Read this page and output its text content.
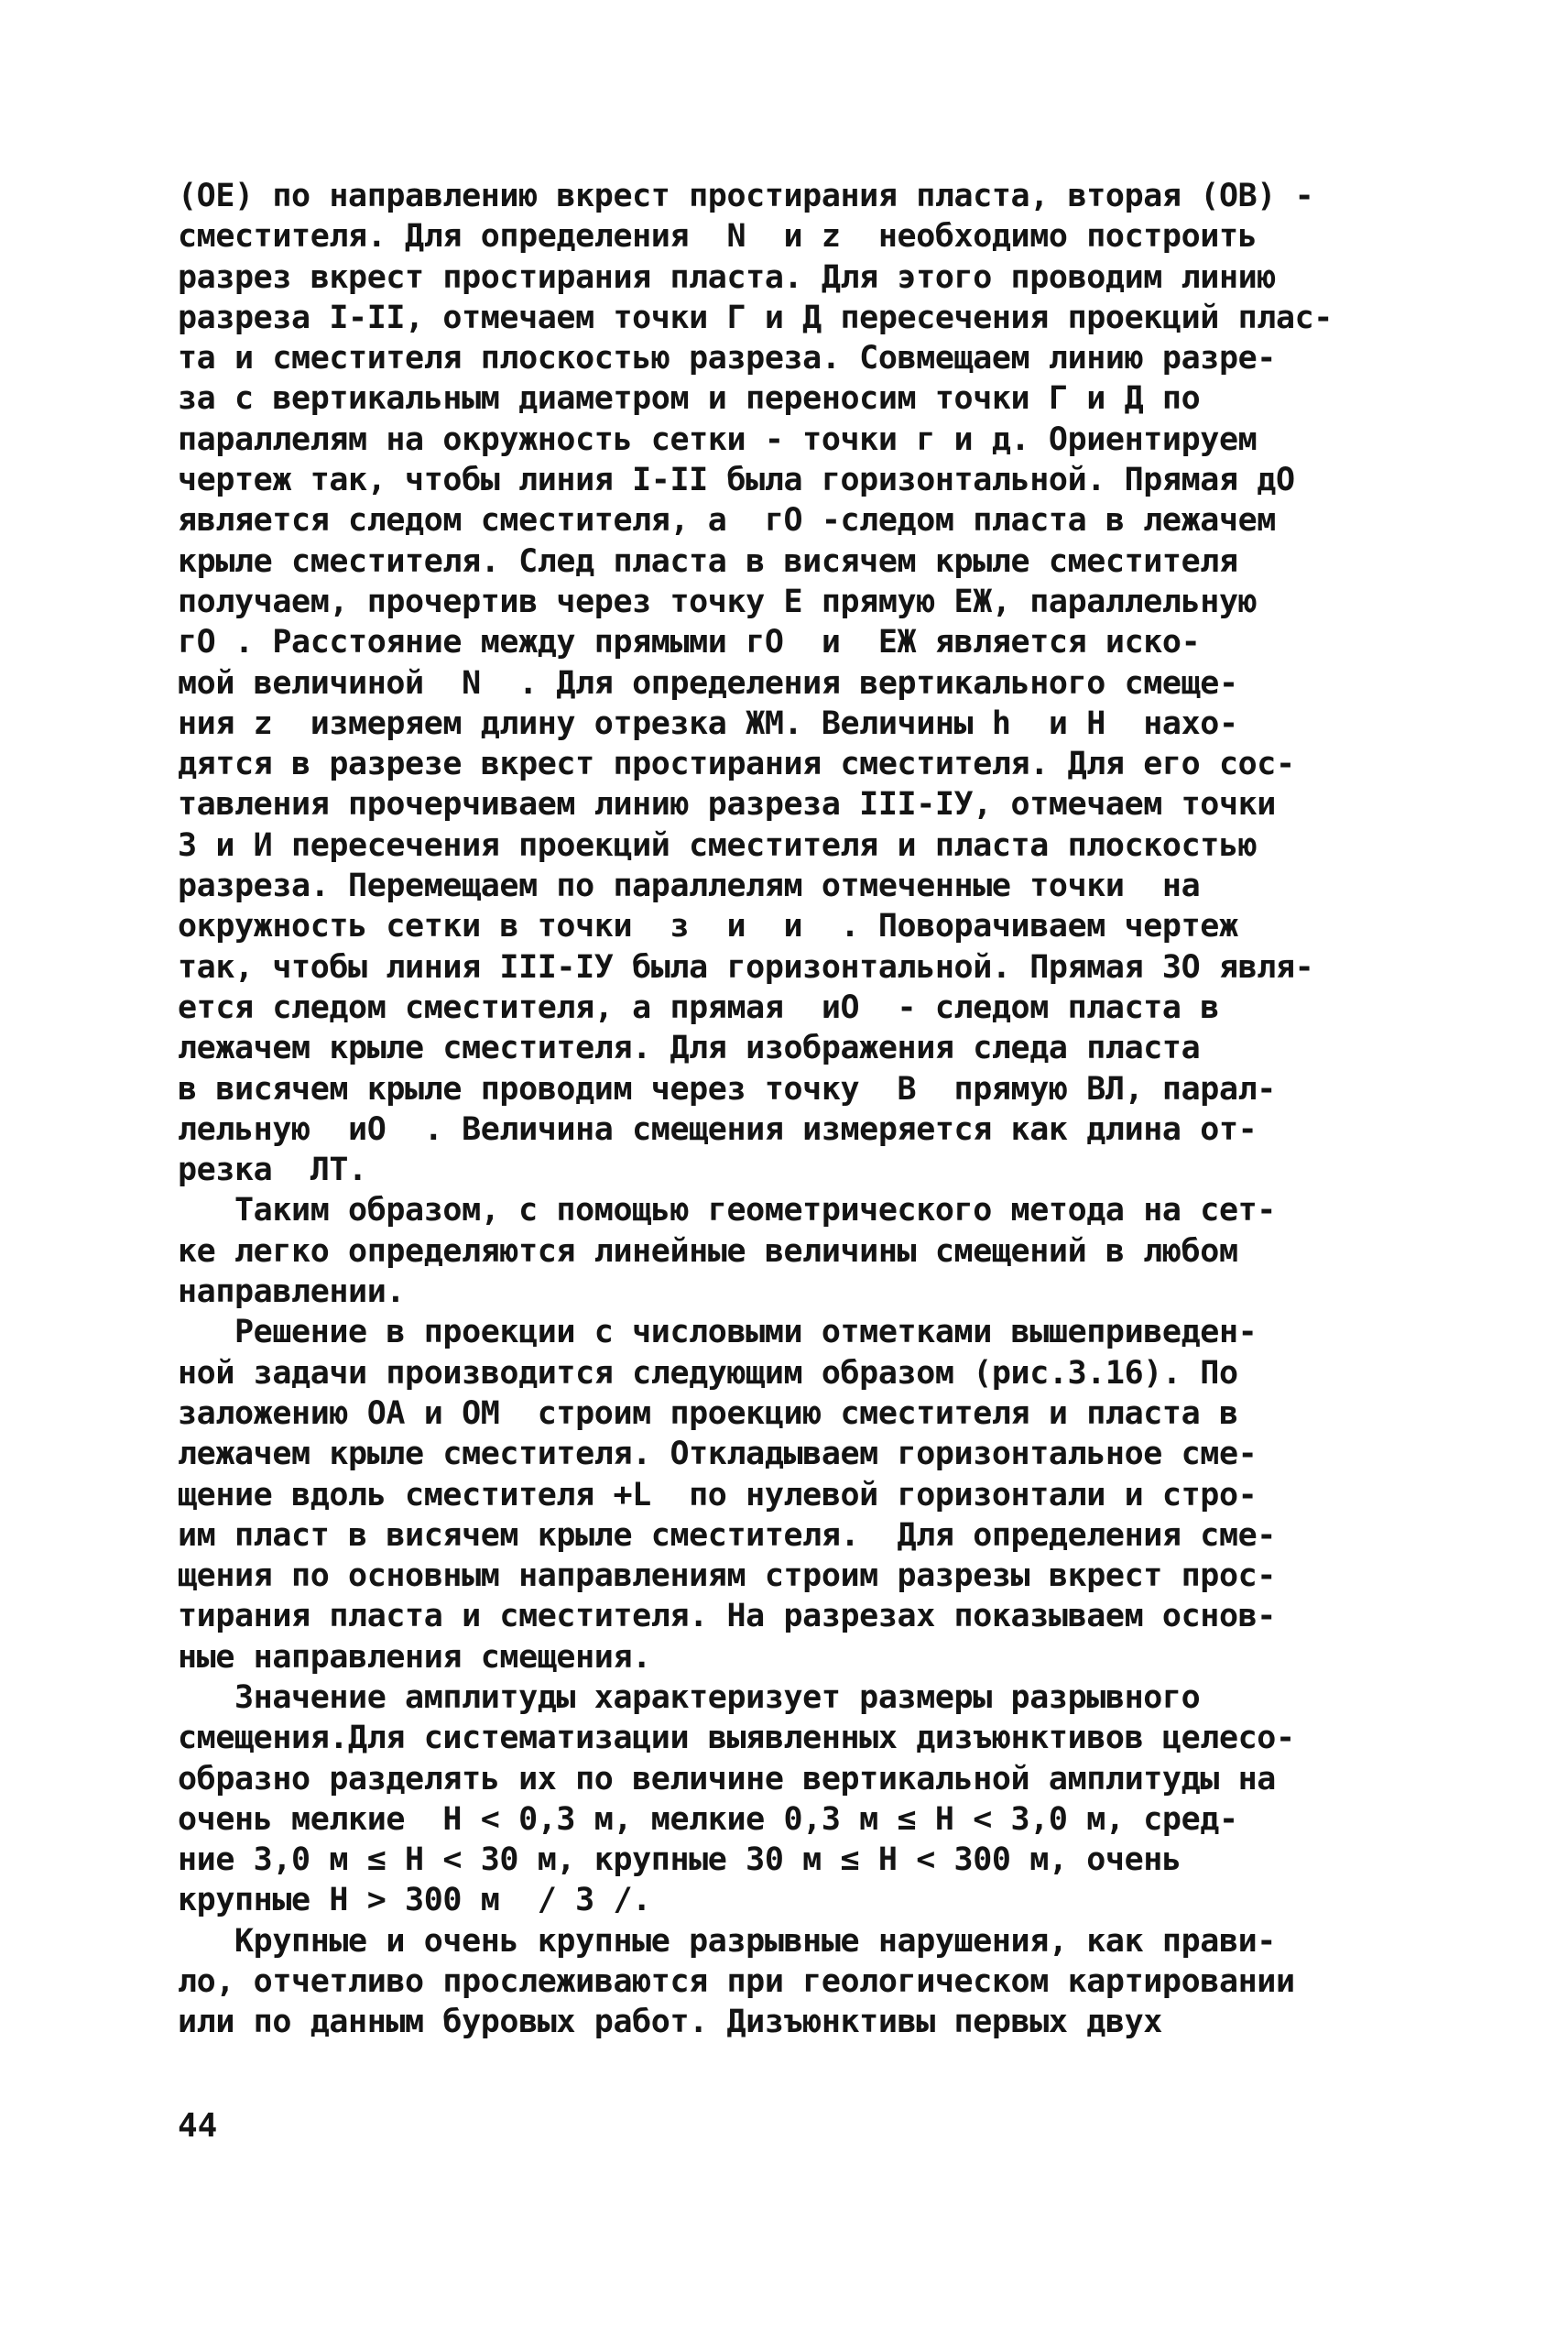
(ОЕ) по направлению вкрест простирания пласта, вторая (ОВ) -
сместителя. Для определения  N  и z  необходимо построить
разрез вкрест простирания пласта. Для этого проводим линию
разреза I-II, отмечаем точки Г и Д пересечения проекций плас-
та и сместителя плоскостью разреза. Совмещаем линию разре-
за с вертикальным диаметром и переносим точки Г и Д по
параллелям на окружность сетки - точки г и д. Ориентируем
чертеж так, чтобы линия I-II была горизонтальной. Прямая дО
является следом сместителя, а  гО -следом пласта в лежачем
крыле сместителя. След пласта в висячем крыле сместителя
получаем, прочертив через точку Е прямую ЕЖ, параллельную
гО . Расстояние между прямыми гО  и  ЕЖ является иско-
мой величиной  N  . Для определения вертикального смеще-
ния z  измеряем длину отрезка ЖМ. Величины h  и H  нахо-
дятся в разрезе вкрест простирания сместителя. Для его сос-
тавления прочерчиваем линию разреза III-IУ, отмечаем точки
З и И пересечения проекций сместителя и пласта плоскостью
разреза. Перемещаем по параллелям отмеченные точки  на
окружность сетки в точки  з  и  и  . Поворачиваем чертеж
так, чтобы линия III-IУ была горизонтальной. Прямая ЗО явля-
ется следом сместителя, а прямая  иО  - следом пласта в
лежачем крыле сместителя. Для изображения следа пласта
в висячем крыле проводим через точку  В  прямую ВЛ, парал-
лельную  иО  . Величина смещения измеряется как длина от-
резка  ЛТ.
Таким образом, с помощью геометрического метода на сет-
ке легко определяются линейные величины смещений в любом
направлении.
Решение в проекции с числовыми отметками вышеприведен-
ной задачи производится следующим образом (рис.3.16). По
заложению ОА и ОМ  строим проекцию сместителя и пласта в
лежачем крыле сместителя. Откладываем горизонтальное сме-
щение вдоль сместителя +L  по нулевой горизонтали и стро-
им пласт в висячем крыле сместителя.  Для определения сме-
щения по основным направлениям строим разрезы вкрест прос-
тирания пласта и сместителя. На разрезах показываем основ-
ные направления смещения.
Значение амплитуды характеризует размеры разрывного
смещения.Для систематизации выявленных дизъюнктивов целесо-
образно разделять их по величине вертикальной амплитуды на
очень мелкие  H < 0,3 м, мелкие 0,3 м ≤ H < 3,0 м, сред-
ние 3,0 м ≤ H < 30 м, крупные 30 м ≤ H < 300 м, очень
крупные H > 300 м  / 3 /.
Крупные и очень крупные разрывные нарушения, как прави-
ло, отчетливо прослеживаются при геологическом картировании
или по данным буровых работ. Дизъюнктивы первых двух
44
